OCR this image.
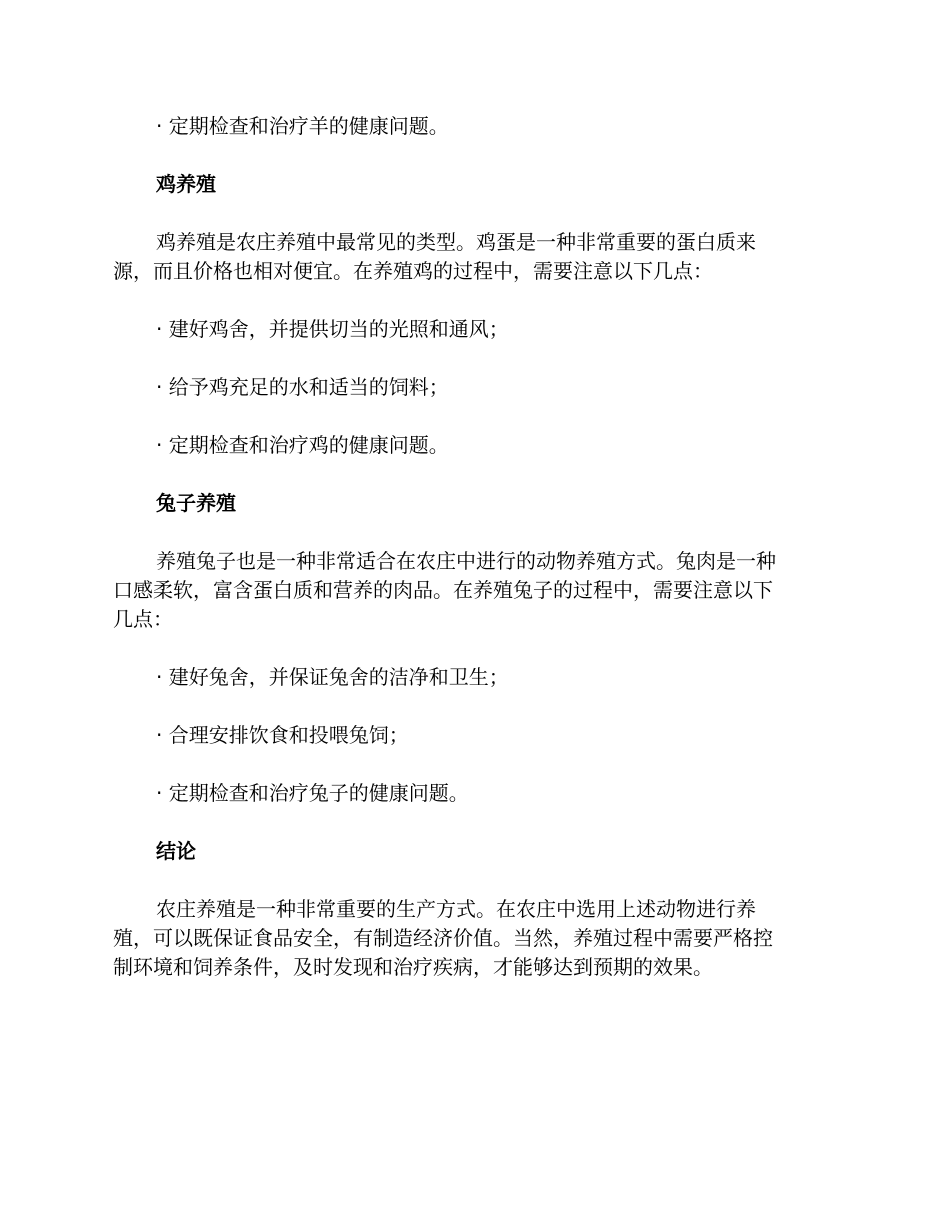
· 定期检查和治疗羊的健康问题。

鸡养殖

鸡养殖是农庄养殖中最常见的类型。鸡蛋是一种非常重要的蛋白质来

源，而且价格也相对便宜。在养殖鸡的过程中，需要注意以下几点：

· 建好鸡舍，并提供切当的光照和通风；

· 给予鸡充足的水和适当的饲料；

· 定期检查和治疗鸡的健康问题。

兔子养殖

养殖兔子也是一种非常适合在农庄中进行的动物养殖方式。兔肉是一种

口感柔软，富含蛋白质和营养的肉品。在养殖兔子的过程中，需要注意以下

几点：

· 建好兔舍，并保证兔舍的洁净和卫生；

· 合理安排饮食和投喂兔饲；

· 定期检查和治疗兔子的健康问题。

结论

农庄养殖是一种非常重要的生产方式。在农庄中选用上述动物进行养

殖，可以既保证食品安全，有制造经济价值。当然，养殖过程中需要严格控

制环境和饲养条件，及时发现和治疗疾病，才能够达到预期的效果。
